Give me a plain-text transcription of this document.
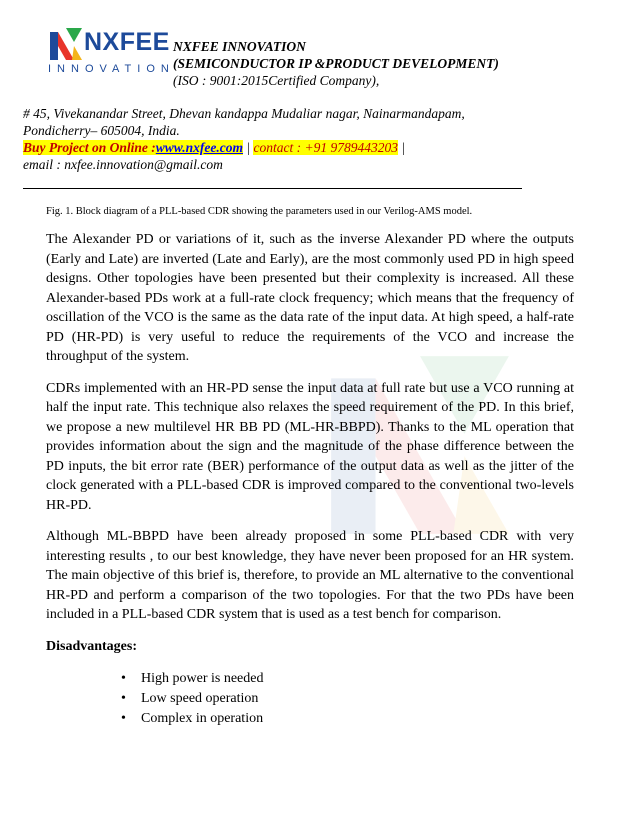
NXFEE
INNOVATION
NXFEE INNOVATION
(SEMICONDUCTOR IP &PRODUCT DEVELOPMENT)
(ISO : 9001:2015Certified Company),
# 45, Vivekanandar Street, Dhevan kandappa Mudaliar nagar, Nainarmandapam,
Pondicherry– 605004, India.
Buy Project on Online :www.nxfee.com | contact : +91 9789443203 |
email : nxfee.innovation@gmail.com
Fig. 1. Block diagram of a PLL-based CDR showing the parameters used in our Verilog-AMS model.

The Alexander PD or variations of it, such as the inverse Alexander PD where the outputs (Early and Late) are inverted (Late and Early), are the most commonly used PD in high speed designs. Other topologies have been presented but their complexity is increased. All these Alexander-based PDs work at a full-rate clock frequency; which means that the frequency of oscillation of the VCO is the same as the data rate of the input data. At high speed, a half-rate PD (HR-PD) is very useful to reduce the requirements of the VCO and increase the throughput of the system.

CDRs implemented with an HR-PD sense the input data at full rate but use a VCO running at half the input rate. This technique also relaxes the speed requirement of the PD. In this brief, we propose a new multilevel HR BB PD (ML-HR-BBPD). Thanks to the ML operation that provides information about the sign and the magnitude of the phase difference between the PD inputs, the bit error rate (BER) performance of the output data as well as the jitter of the clock generated with a PLL-based CDR is improved compared to the conventional two-levels HR-PD.

Although ML-BBPD have been already proposed in some PLL-based CDR with very interesting results , to our best knowledge, they have never been proposed for an HR system. The main objective of this brief is, therefore, to provide an ML alternative to the conventional HR-PD and perform a comparison of the two topologies. For that the two PDs have been included in a PLL-based CDR system that is used as a test bench for comparison.

Disadvantages:
• High power is needed
• Low speed operation
• Complex in operation
